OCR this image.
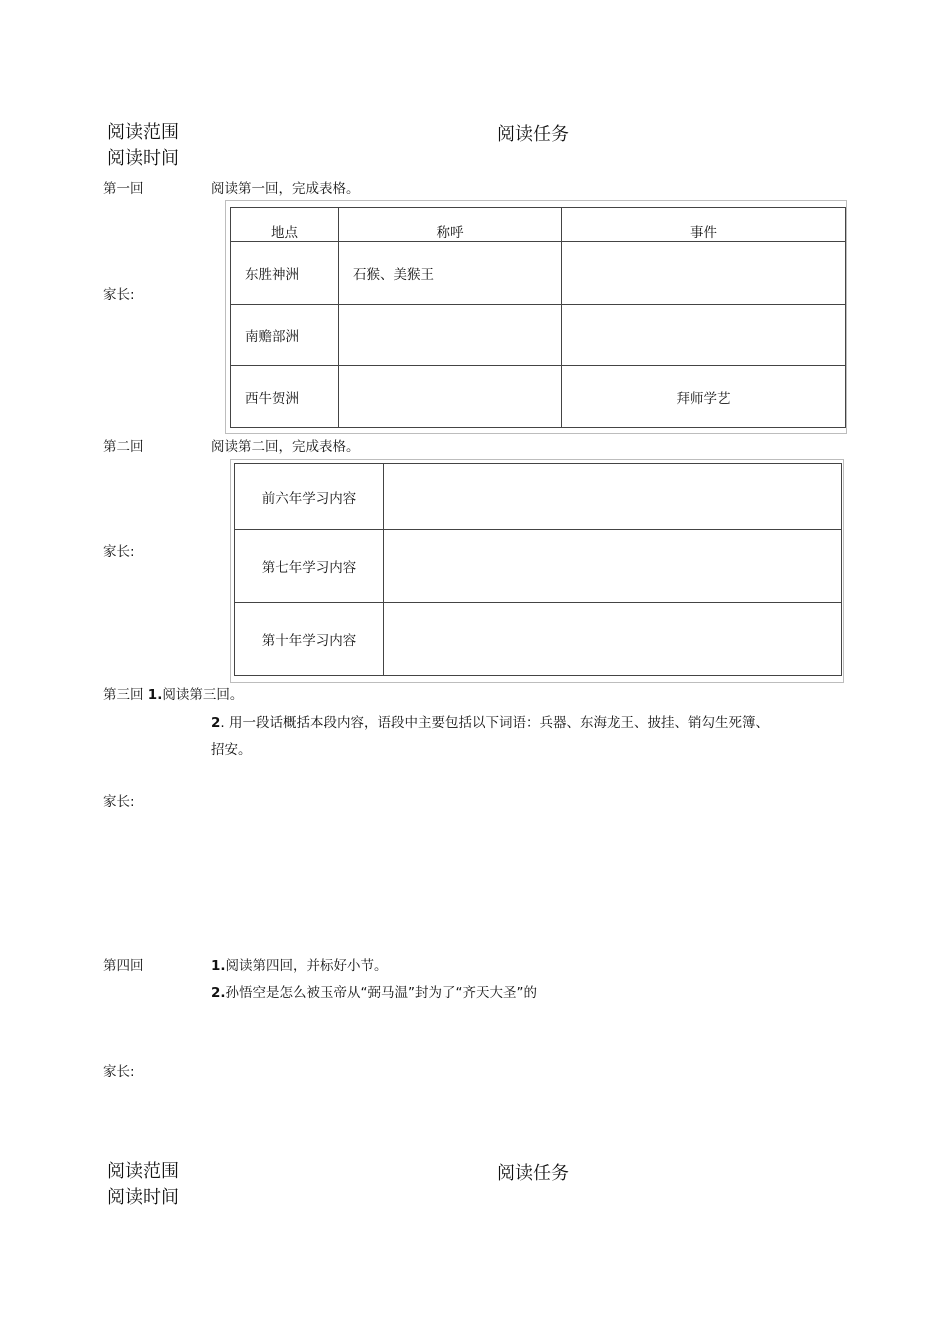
阅读范围
阅读时间
阅读任务
第一回	阅读第一回，完成表格。
家长:
地点	称呼	事件
东胜神洲	石猴、美猴王	
南赡部洲		
西牛贺洲		拜师学艺
第二回	阅读第二回，完成表格。
家长:
前六年学习内容	
第七年学习内容	
第十年学习内容	
第三回 1.阅读第三回。
2. 用一段话概括本段内容，语段中主要包括以下词语：兵器、东海龙王、披挂、销勾生死簿、
招安。
家长:
第四回	1.阅读第四回，并标好小节。
2.孙悟空是怎么被玉帝从“弼马温”封为了“齐天大圣”的
家长:
阅读范围
阅读时间
阅读任务
